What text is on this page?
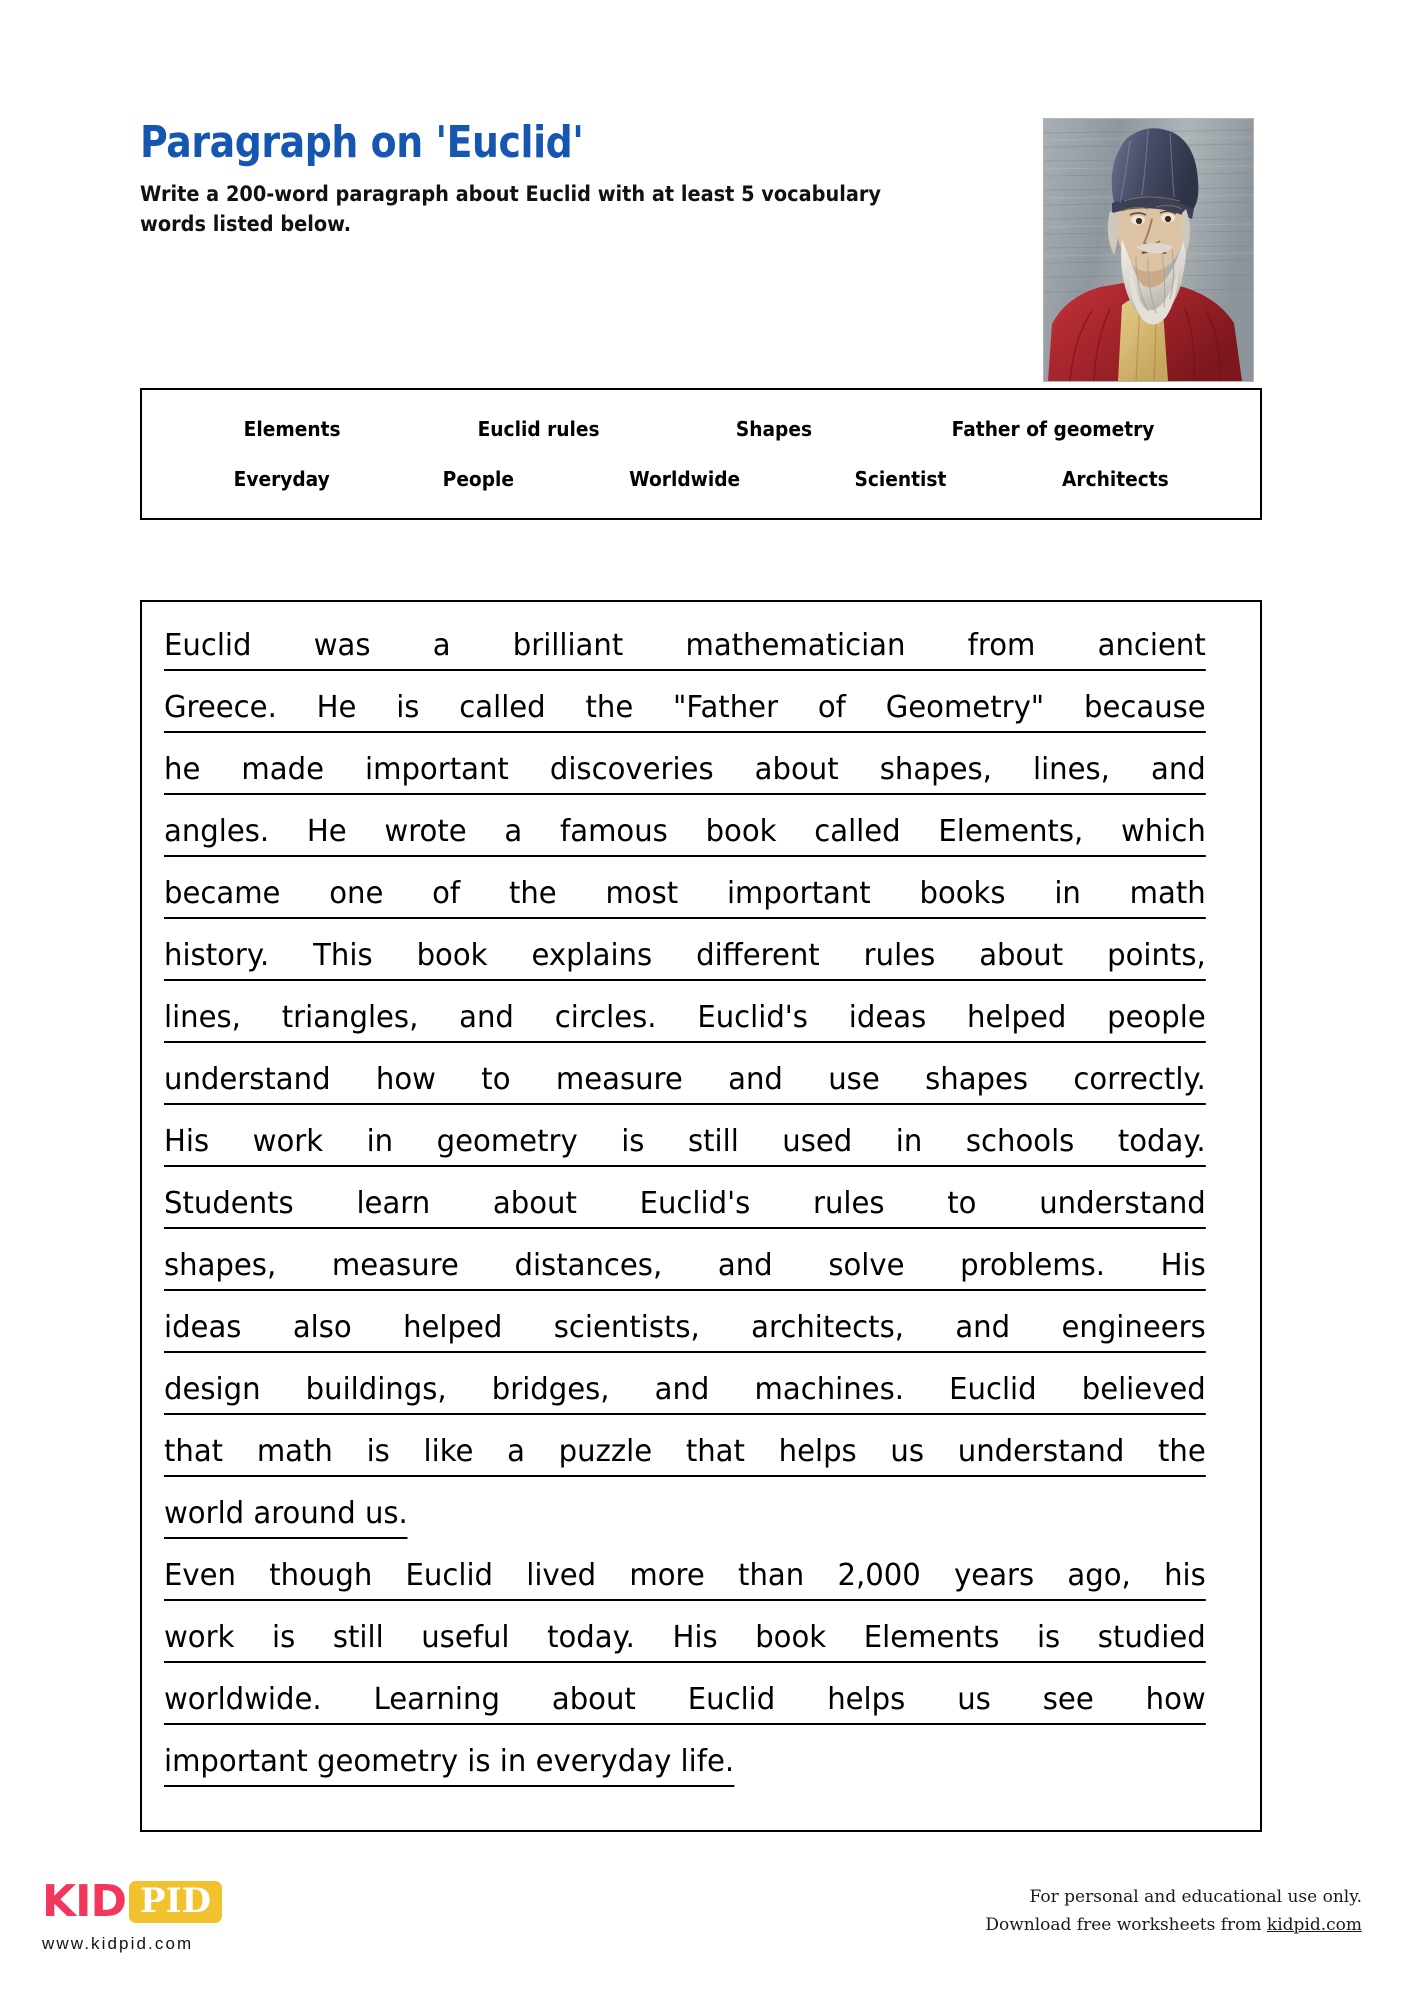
Paragraph on 'Euclid'
Write a 200-word paragraph about Euclid with at least 5 vocabulary words listed below.
Elements	Euclid rules	Shapes	Father of geometry
Everyday	People	Worldwide	Scientist	Architects
Euclid was a brilliant mathematician from ancient
Greece. He is called the "Father of Geometry" because
he made important discoveries about shapes, lines, and
angles. He wrote a famous book called Elements, which
became one of the most important books in math
history. This book explains different rules about points,
lines, triangles, and circles. Euclid's ideas helped people
understand how to measure and use shapes correctly.
His work in geometry is still used in schools today.
Students learn about Euclid's rules to understand
shapes, measure distances, and solve problems. His
ideas also helped scientists, architects, and engineers
design buildings, bridges, and machines. Euclid believed
that math is like a puzzle that helps us understand the
world around us.
Even though Euclid lived more than 2,000 years ago, his
work is still useful today. His book Elements is studied
worldwide. Learning about Euclid helps us see how
important geometry is in everyday life.
KID PID
www.kidpid.com
For personal and educational use only.
Download free worksheets from kidpid.com
